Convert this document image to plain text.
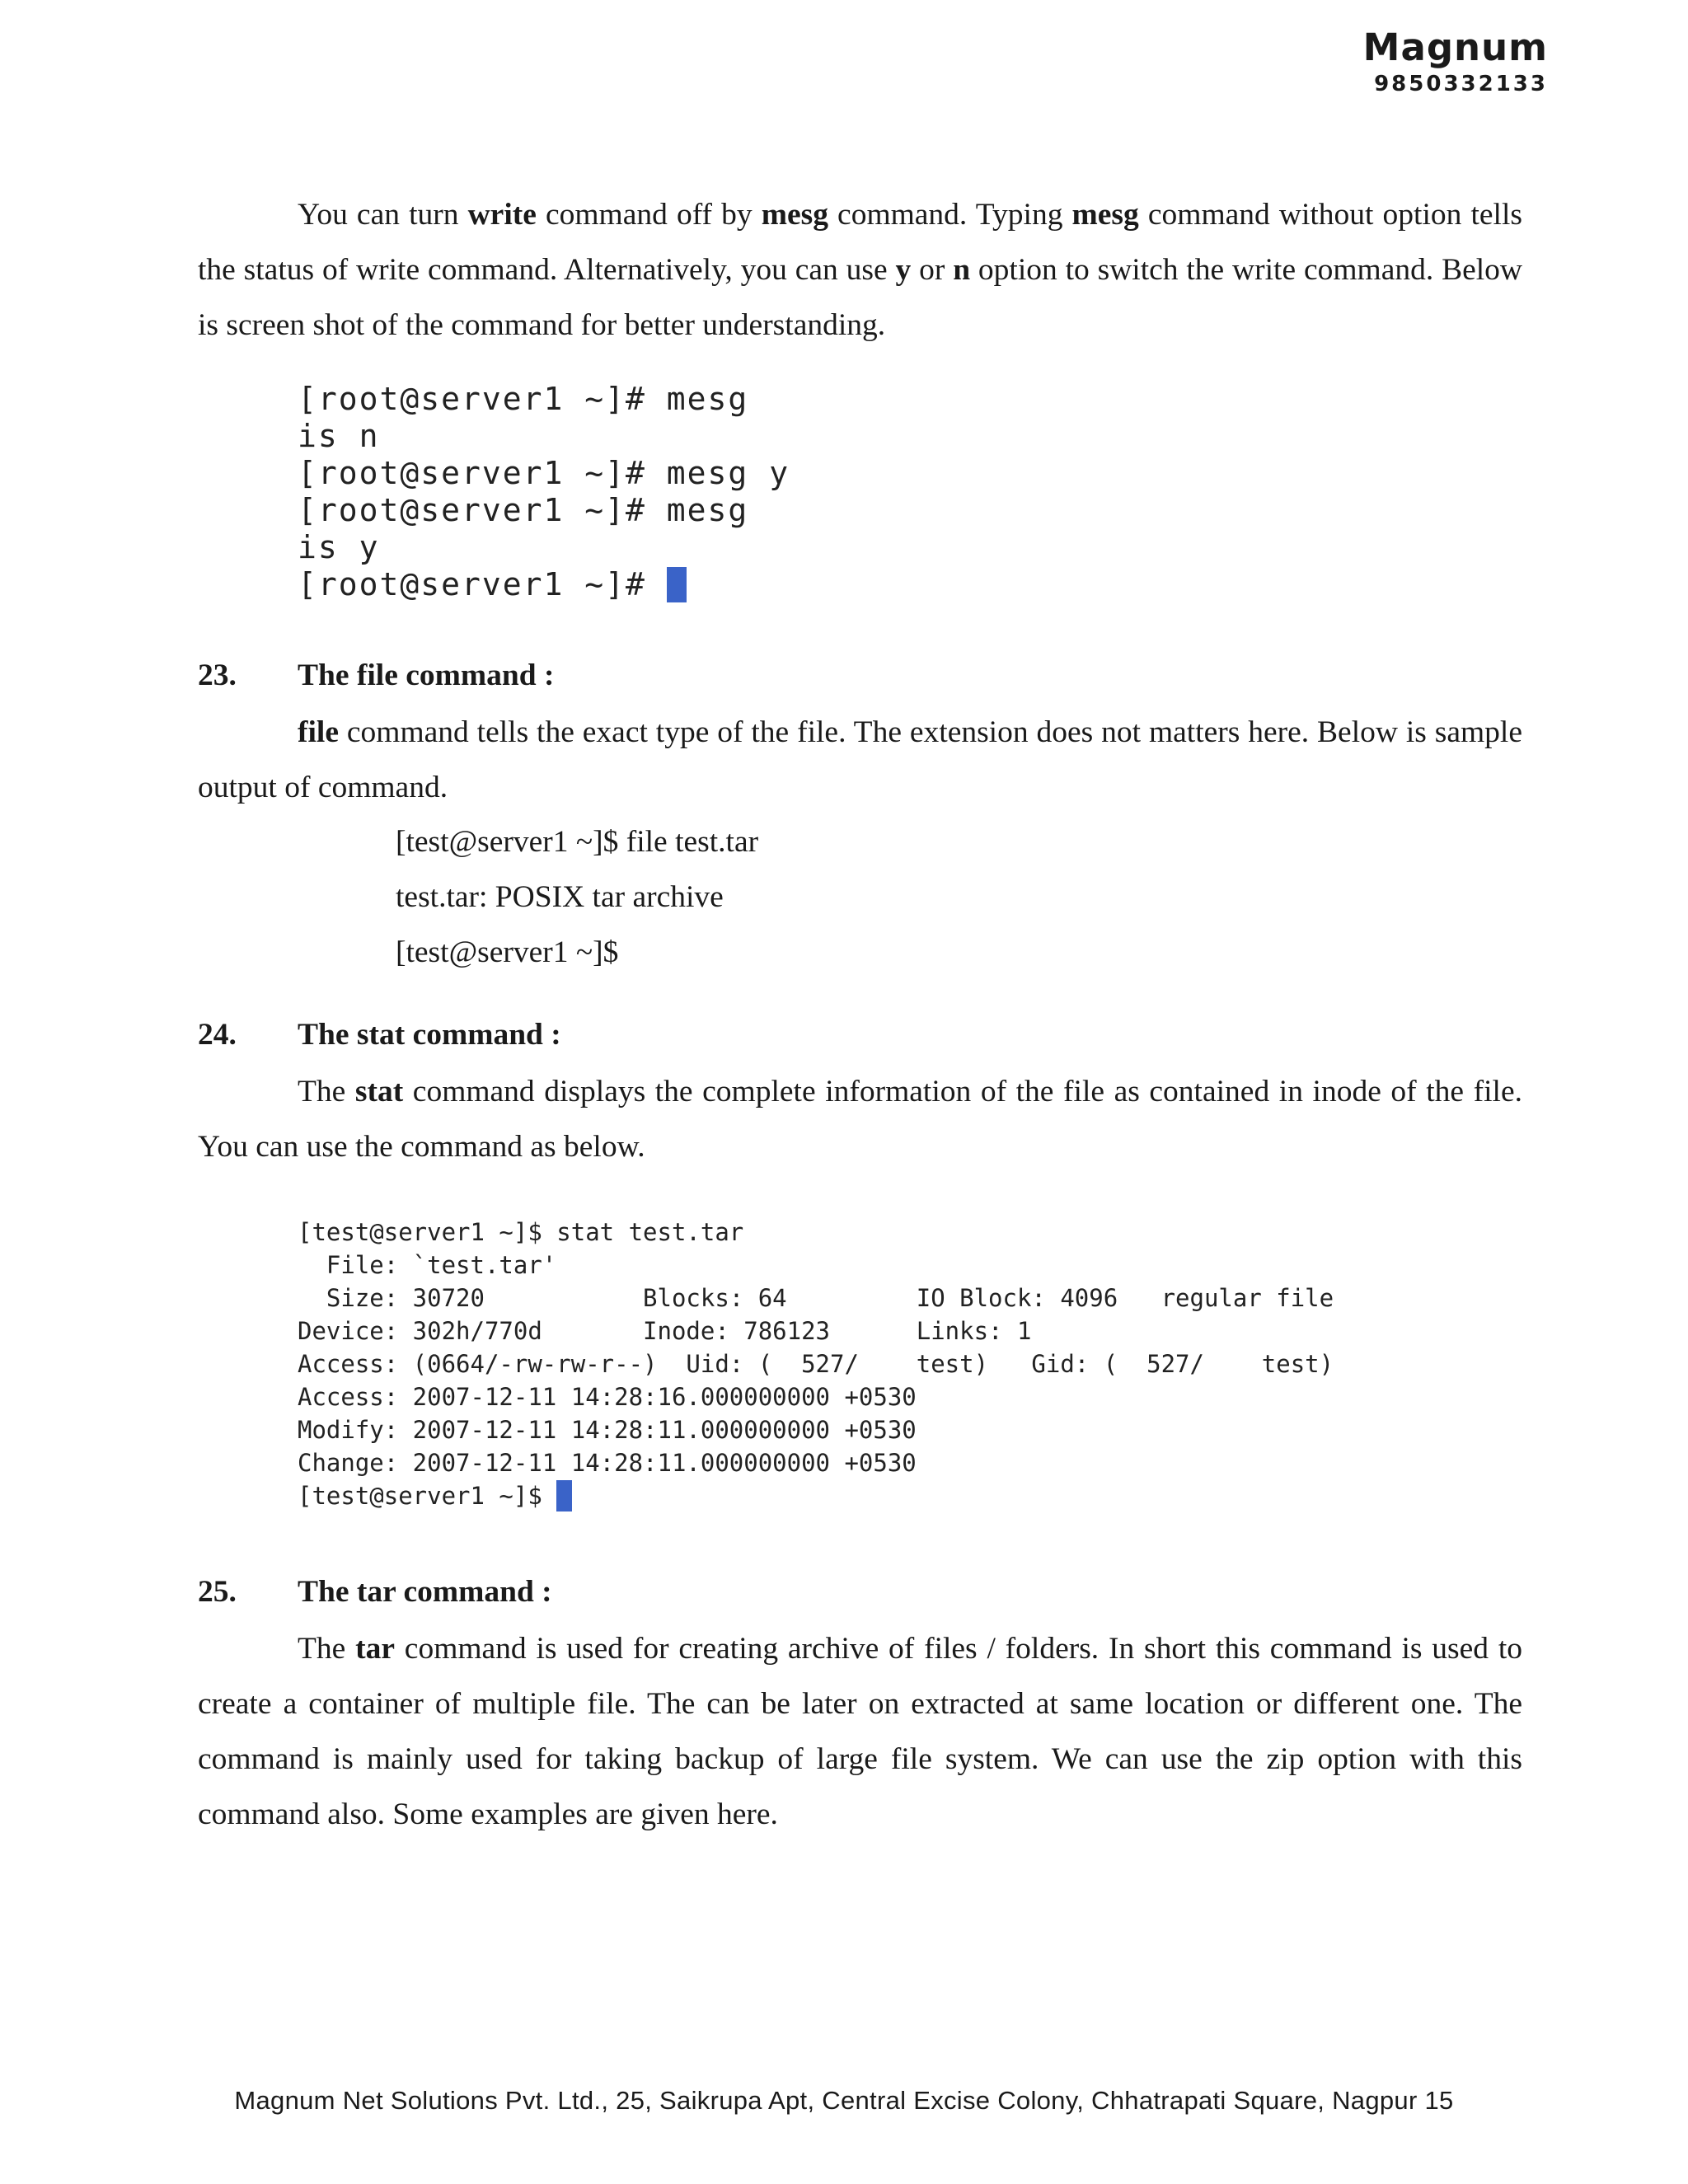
Magnum
9850332133

You can turn write command off by mesg command. Typing mesg command without option tells the status of write command. Alternatively, you can use y or n option to switch the write command. Below is screen shot of the command for better understanding.

[root@server1 ~]# mesg
is n
[root@server1 ~]# mesg y
[root@server1 ~]# mesg
is y
[root@server1 ~]#
23. The file command :

file command tells the exact type of the file. The extension does not matters here. Below is sample output of command.

[test@server1 ~]$ file test.tar
test.tar: POSIX tar archive
[test@server1 ~]$
24. The stat command :

The stat command displays the complete information of the file as contained in inode of the file. You can use the command as below.

[test@server1 ~]$ stat test.tar
File: `test.tar'
Size: 30720           Blocks: 64         IO Block: 4096   regular file
Device: 302h/770d       Inode: 786123      Links: 1
Access: (0664/-rw-rw-r--)  Uid: (  527/    test)   Gid: (  527/    test)
Access: 2007-12-11 14:28:16.000000000 +0530
Modify: 2007-12-11 14:28:11.000000000 +0530
Change: 2007-12-11 14:28:11.000000000 +0530
[test@server1 ~]$
25. The tar command :

The tar command is used for creating archive of files / folders. In short this command is used to create a container of multiple file. The can be later on extracted at same location or different one. The command is mainly used for taking backup of large file system. We can use the zip option with this command also. Some examples are given here.

Magnum Net Solutions Pvt. Ltd., 25, Saikrupa Apt, Central Excise Colony, Chhatrapati Square, Nagpur 15
